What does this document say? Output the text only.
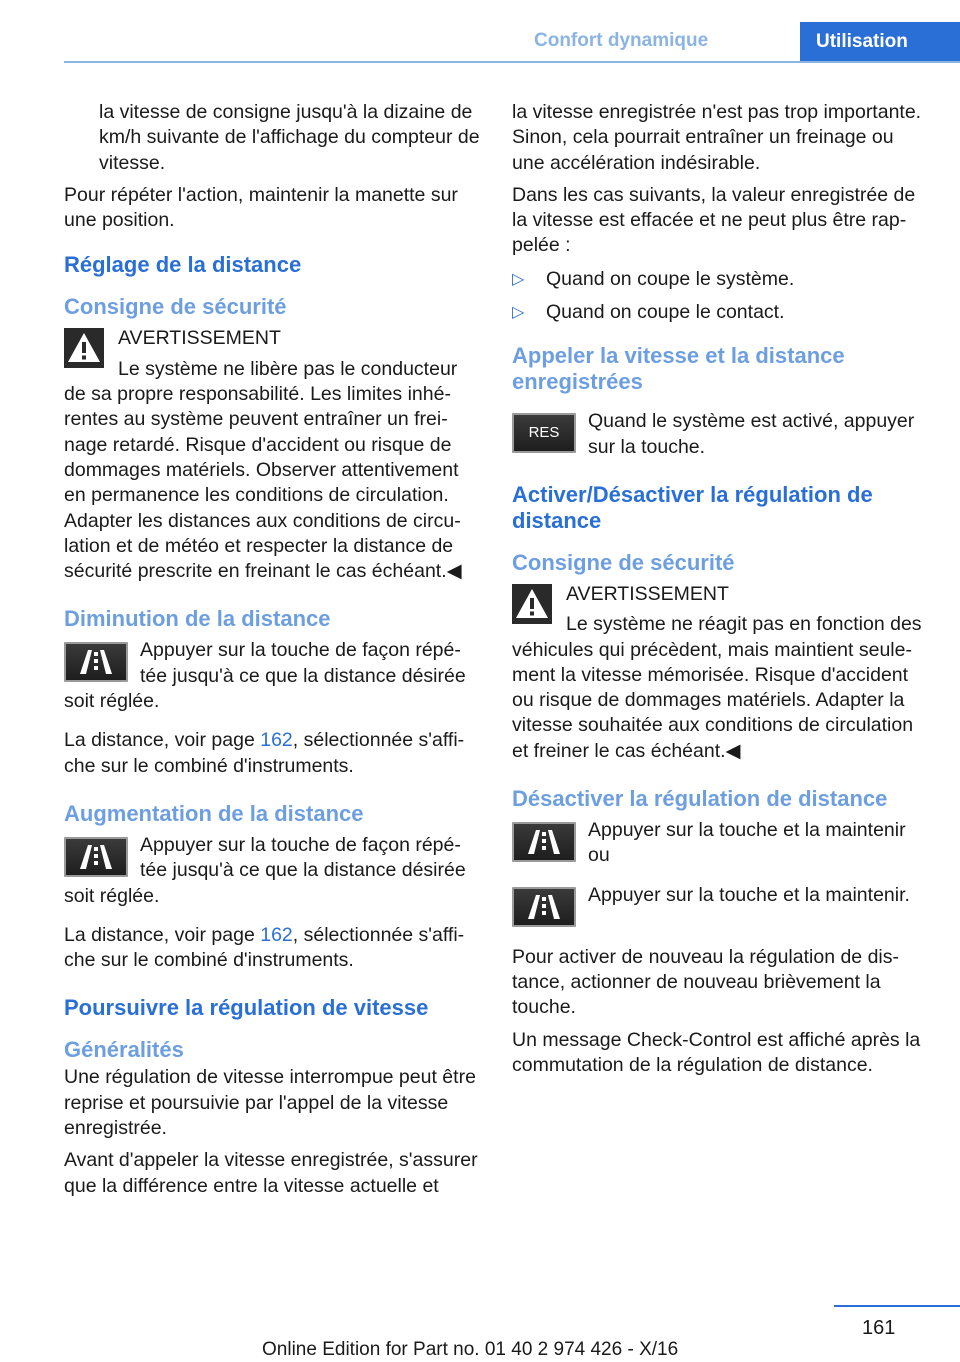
Confort dynamique	Utilisation

la vitesse de consigne jusqu'à la dizaine de km/h suivante de l'affichage du compteur de vitesse.

Pour répéter l'action, maintenir la manette sur une position.

Réglage de la distance
Consigne de sécurité
AVERTISSEMENT
Le système ne libère pas le conducteur de sa propre responsabilité. Les limites inhérentes au système peuvent entraîner un freinage retardé. Risque d'accident ou risque de dommages matériels. Observer attentivement en permanence les conditions de circulation. Adapter les distances aux conditions de circulation et de météo et respecter la distance de sécurité prescrite en freinant le cas échéant.◀
Diminution de la distance
Appuyer sur la touche de façon répétée jusqu'à ce que la distance désirée soit réglée.

La distance, voir page 162, sélectionnée s'affiche sur le combiné d'instruments.

Augmentation de la distance
Appuyer sur la touche de façon répétée jusqu'à ce que la distance désirée soit réglée.

La distance, voir page 162, sélectionnée s'affiche sur le combiné d'instruments.

Poursuivre la régulation de vitesse
Généralités

Une régulation de vitesse interrompue peut être reprise et poursuivie par l'appel de la vitesse enregistrée.

Avant d'appeler la vitesse enregistrée, s'assurer que la différence entre la vitesse actuelle et

la vitesse enregistrée n'est pas trop importante. Sinon, cela pourrait entraîner un freinage ou une accélération indésirable.

Dans les cas suivants, la valeur enregistrée de la vitesse est effacée et ne peut plus être rappelée :

▷ Quand on coupe le système.
▷ Quand on coupe le contact.
Appeler la vitesse et la distance enregistrées
RES
Quand le système est activé, appuyer sur la touche.
Activer/Désactiver la régulation de distance
Consigne de sécurité
AVERTISSEMENT
Le système ne réagit pas en fonction des véhicules qui précèdent, mais maintient seulement la vitesse mémorisée. Risque d'accident ou risque de dommages matériels. Adapter la vitesse souhaitée aux conditions de circulation et freiner le cas échéant.◀
Désactiver la régulation de distance
Appuyer sur la touche et la maintenir ou
Appuyer sur la touche et la maintenir.

Pour activer de nouveau la régulation de distance, actionner de nouveau brièvement la touche.

Un message Check-Control est affiché après la commutation de la régulation de distance.

161
Online Edition for Part no. 01 40 2 974 426 - X/16
